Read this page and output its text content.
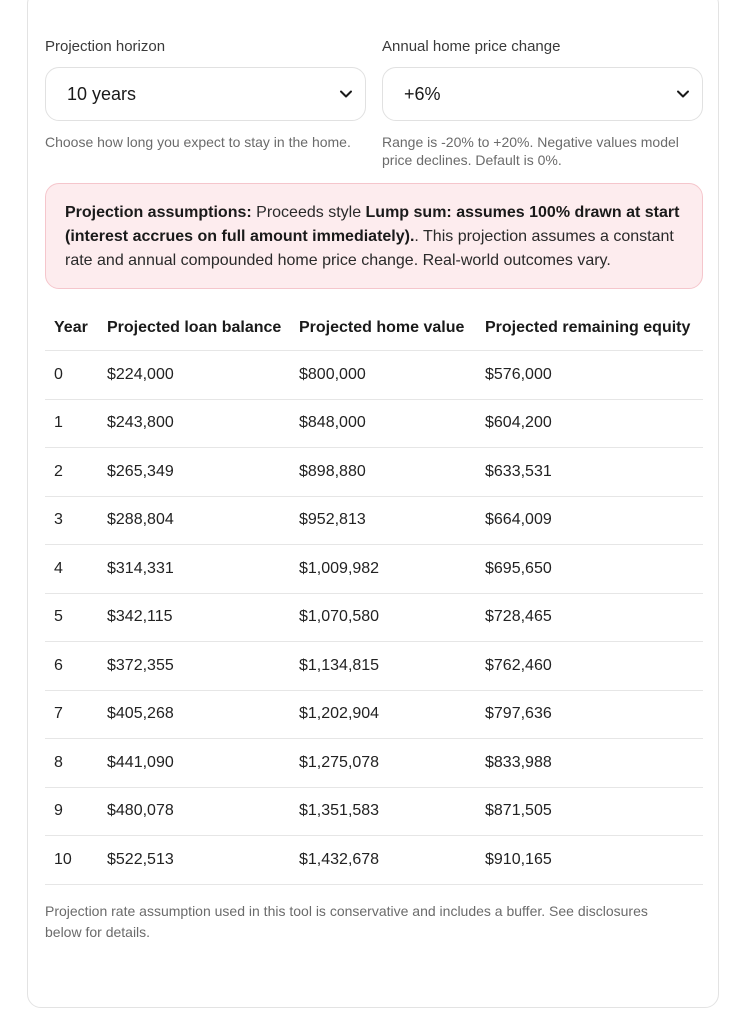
Projection horizon
10 years
Choose how long you expect to stay in the home.
Annual home price change
+6%
Range is -20% to +20%. Negative values model price declines. Default is 0%.
Projection assumptions: Proceeds style Lump sum: assumes 100% drawn at start (interest accrues on full amount immediately).. This projection assumes a constant rate and annual compounded home price change. Real-world outcomes vary.
Year	Projected loan balance	Projected home value	Projected remaining equity
0	$224,000	$800,000	$576,000
1	$243,800	$848,000	$604,200
2	$265,349	$898,880	$633,531
3	$288,804	$952,813	$664,009
4	$314,331	$1,009,982	$695,650
5	$342,115	$1,070,580	$728,465
6	$372,355	$1,134,815	$762,460
7	$405,268	$1,202,904	$797,636
8	$441,090	$1,275,078	$833,988
9	$480,078	$1,351,583	$871,505
10	$522,513	$1,432,678	$910,165
Projection rate assumption used in this tool is conservative and includes a buffer. See disclosures below for details.
